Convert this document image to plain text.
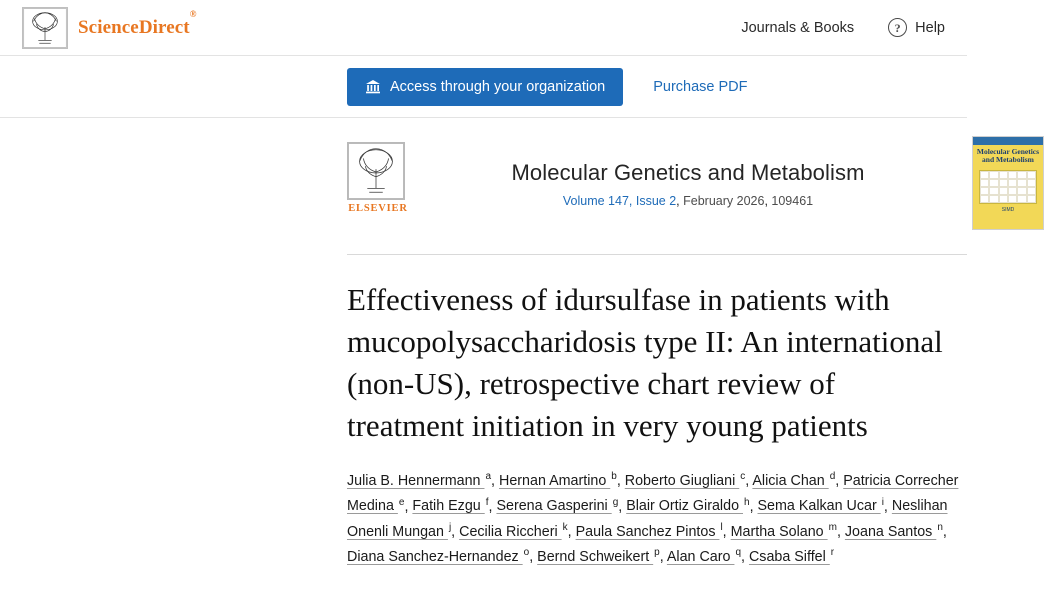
ScienceDirect®
Journals & Books	?	Help
Access through your organization	Purchase PDF
ELSEVIER
Molecular Genetics and Metabolism
Volume 147, Issue 2, February 2026, 109461

Molecular Genetics and Metabolism
SIMD
Effectiveness of idursulfase in patients with mucopolysaccharidosis type II: An international (non-US), retrospective chart review of treatment initiation in very young patients
Julia B. Hennermann $^a$, Hernan Amartino $^b$, Roberto Giugliani $^c$, Alicia Chan $^d$, Patricia Correcher Medina $^e$, Fatih Ezgu $^f$, Serena Gasperini $^g$, Blair Ortiz Giraldo $^h$, Sema Kalkan Ucar $^i$, Neslihan Onenli Mungan $^j$, Cecilia Riccheri $^k$, Paula Sanchez Pintos $^l$, Martha Solano $^m$, Joana Santos $^n$, Diana Sanchez-Hernandez $^o$, Bernd Schweikert $^p$, Alan Caro $^q$, Csaba Siffel $^r$
